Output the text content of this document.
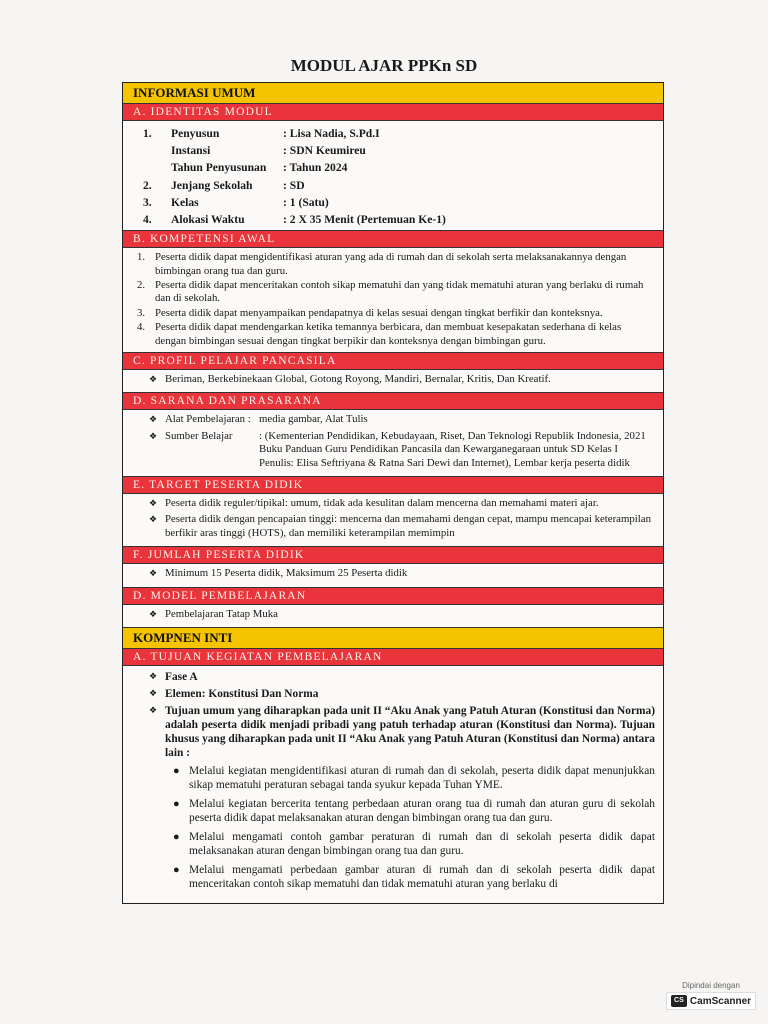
MODUL AJAR PPKn SD
INFORMASI UMUM
A. IDENTITAS MODUL
1.	Penyusun	: Lisa Nadia, S.Pd.I
Instansi	: SDN Keumireu
Tahun Penyusunan	: Tahun 2024
2.	Jenjang Sekolah	: SD
3.	Kelas	: 1 (Satu)
4.	Alokasi Waktu	: 2 X 35 Menit (Pertemuan Ke-1)
B. KOMPETENSI AWAL
1. Peserta didik dapat mengidentifikasi aturan yang ada di rumah dan di sekolah serta melaksanakannya dengan bimbingan orang tua dan guru.
2. Peserta didik dapat menceritakan contoh sikap mematuhi dan yang tidak mematuhi aturan yang berlaku di rumah dan di sekolah.
3. Peserta didik dapat menyampaikan pendapatnya di kelas sesuai dengan tingkat berfikir dan konteksnya.
4. Peserta didik dapat mendengarkan ketika temannya berbicara, dan membuat kesepakatan sederhana di kelas dengan bimbingan sesuai dengan tingkat berpikir dan konteksnya dengan bimbingan guru.
C. PROFIL PELAJAR PANCASILA
❖ Beriman, Berkebinekaan Global, Gotong Royong, Mandiri, Bernalar, Kritis, Dan Kreatif.
D. SARANA DAN PRASARANA
❖ Alat Pembelajaran : media gambar, Alat Tulis
❖ Sumber Belajar	: (Kementerian Pendidikan, Kebudayaan, Riset, Dan Teknologi Republik Indonesia, 2021 Buku Panduan Guru Pendidikan Pancasila dan Kewarganegaraan untuk SD Kelas I Penulis: Elisa Seftriyana & Ratna Sari Dewi dan Internet), Lembar kerja peserta didik
E. TARGET PESERTA DIDIK
❖ Peserta didik reguler/tipikal: umum, tidak ada kesulitan dalam mencerna dan memahami materi ajar.
❖ Peserta didik dengan pencapaian tinggi: mencerna dan memahami dengan cepat, mampu mencapai keterampilan berfikir aras tinggi (HOTS), dan memiliki keterampilan memimpin
F. JUMLAH PESERTA DIDIK
❖ Minimum 15 Peserta didik, Maksimum 25 Peserta didik
D. MODEL PEMBELAJARAN
❖ Pembelajaran Tatap Muka
KOMPNEN INTI
A. TUJUAN KEGIATAN PEMBELAJARAN
❖ Fase A
❖ Elemen: Konstitusi Dan Norma
❖ Tujuan umum yang diharapkan pada unit II “Aku Anak yang Patuh Aturan (Konstitusi dan Norma) adalah peserta didik menjadi pribadi yang patuh terhadap aturan (Konstitusi dan Norma). Tujuan khusus yang diharapkan pada unit II “Aku Anak yang Patuh Aturan (Konstitusi dan Norma) antara lain :
● Melalui kegiatan mengidentifikasi aturan di rumah dan di sekolah, peserta didik dapat menunjukkan sikap mematuhi peraturan sebagai tanda syukur kepada Tuhan YME.
● Melalui kegiatan bercerita tentang perbedaan aturan orang tua di rumah dan aturan guru di sekolah peserta didik dapat melaksanakan aturan dengan bimbingan orang tua dan guru.
● Melalui mengamati contoh gambar peraturan di rumah dan di sekolah peserta didik dapat melaksanakan aturan dengan bimbingan orang tua dan guru.
● Melalui mengamati perbedaan gambar aturan di rumah dan di sekolah peserta didik dapat menceritakan contoh sikap mematuhi dan tidak mematuhi aturan yang berlaku di
Dipindai dengan
CS CamScanner
